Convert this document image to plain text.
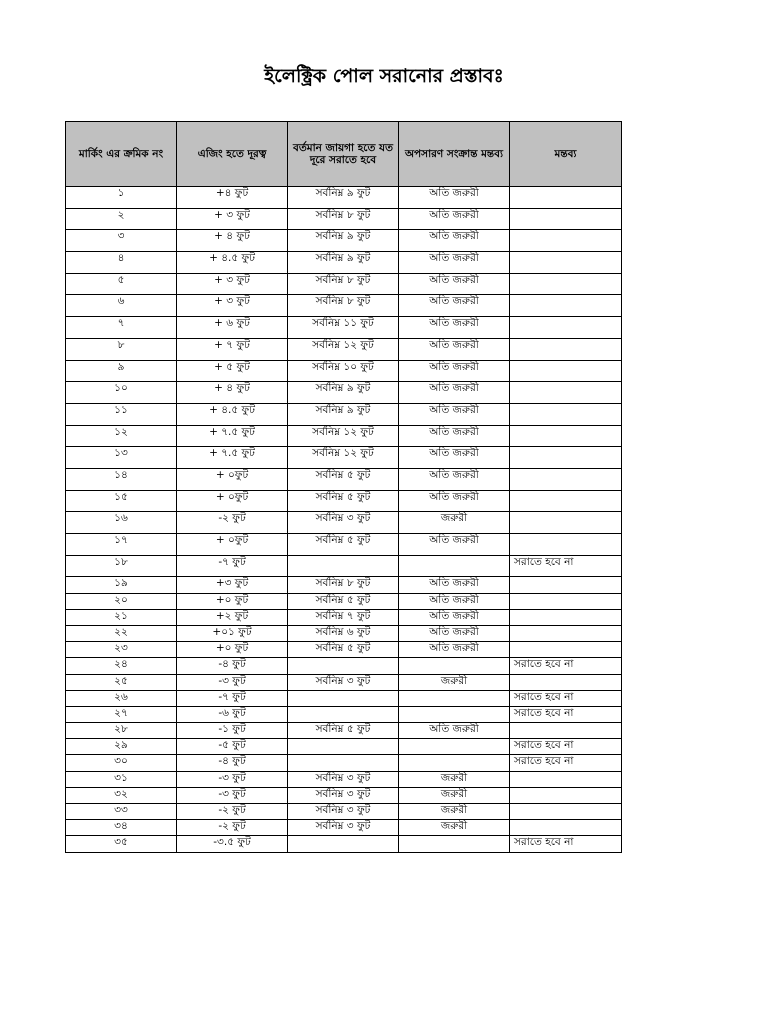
ইলেক্ট্রিক পোল সরানোর প্রস্তাবঃ
মার্কিং এর ক্রমিক নং	এজিং হতে দূরত্ব	বর্তমান জায়গা হতে যত দূরে সরাতে হবে	অপসারণ সংক্রান্ত মন্তব্য	মন্তব্য
১	+৪ ফুট	সর্বনিম্ন ৯ ফুট	অতি জরুরী	
২	+ ৩ ফুট	সর্বনিম্ন ৮ ফুট	অতি জরুরী	
৩	+ ৪ ফুট	সর্বনিম্ন ৯ ফুট	অতি জরুরী	
৪	+ ৪.৫ ফুট	সর্বনিম্ন ৯ ফুট	অতি জরুরী	
৫	+ ৩ ফুট	সর্বনিম্ন ৮ ফুট	অতি জরুরী	
৬	+ ৩ ফুট	সর্বনিম্ন ৮ ফুট	অতি জরুরী	
৭	+ ৬ ফুট	সর্বনিম্ন ১১ ফুট	অতি জরুরী	
৮	+ ৭ ফুট	সর্বনিম্ন ১২ ফুট	অতি জরুরী	
৯	+ ৫ ফুট	সর্বনিম্ন ১০ ফুট	অতি জরুরী	
১০	+ ৪ ফুট	সর্বনিম্ন ৯ ফুট	অতি জরুরী	
১১	+ ৪.৫ ফুট	সর্বনিম্ন ৯ ফুট	অতি জরুরী	
১২	+ ৭.৫ ফুট	সর্বনিম্ন ১২ ফুট	অতি জরুরী	
১৩	+ ৭.৫ ফুট	সর্বনিম্ন ১২ ফুট	অতি জরুরী	
১৪	+ ০ফুট	সর্বনিম্ন ৫ ফুট	অতি জরুরী	
১৫	+ ০ফুট	সর্বনিম্ন ৫ ফুট	অতি জরুরী	
১৬	-২ ফুট	সর্বনিম্ন ৩ ফুট	জরুরী	
১৭	+ ০ফুট	সর্বনিম্ন ৫ ফুট	অতি জরুরী	
১৮	-৭ ফুট			সরাতে হবে না
১৯	+৩ ফুট	সর্বনিম্ন ৮ ফুট	অতি জরুরী	
২০	+০ ফুট	সর্বনিম্ন ৫ ফুট	অতি জরুরী	
২১	+২ ফুট	সর্বনিম্ন ৭ ফুট	অতি জরুরী	
২২	+০১ ফুট	সর্বনিম্ন ৬ ফুট	অতি জরুরী	
২৩	+০ ফুট	সর্বনিম্ন ৫ ফুট	অতি জরুরী	
২৪	-৪ ফুট			সরাতে হবে না
২৫	-৩ ফুট	সর্বনিম্ন ৩ ফুট	জরুরী	
২৬	-৭ ফুট			সরাতে হবে না
২৭	-৬ ফুট			সরাতে হবে না
২৮	-১ ফুট	সর্বনিম্ন ৫ ফুট	অতি জরুরী	
২৯	-৫ ফুট			সরাতে হবে না
৩০	-৪ ফুট			সরাতে হবে না
৩১	-৩ ফুট	সর্বনিম্ন ৩ ফুট	জরুরী	
৩২	-৩ ফুট	সর্বনিম্ন ৩ ফুট	জরুরী	
৩৩	-২ ফুট	সর্বনিম্ন ৩ ফুট	জরুরী	
৩৪	-২ ফুট	সর্বনিম্ন ৩ ফুট	জরুরী	
৩৫	-৩.৫ ফুট			সরাতে হবে না
